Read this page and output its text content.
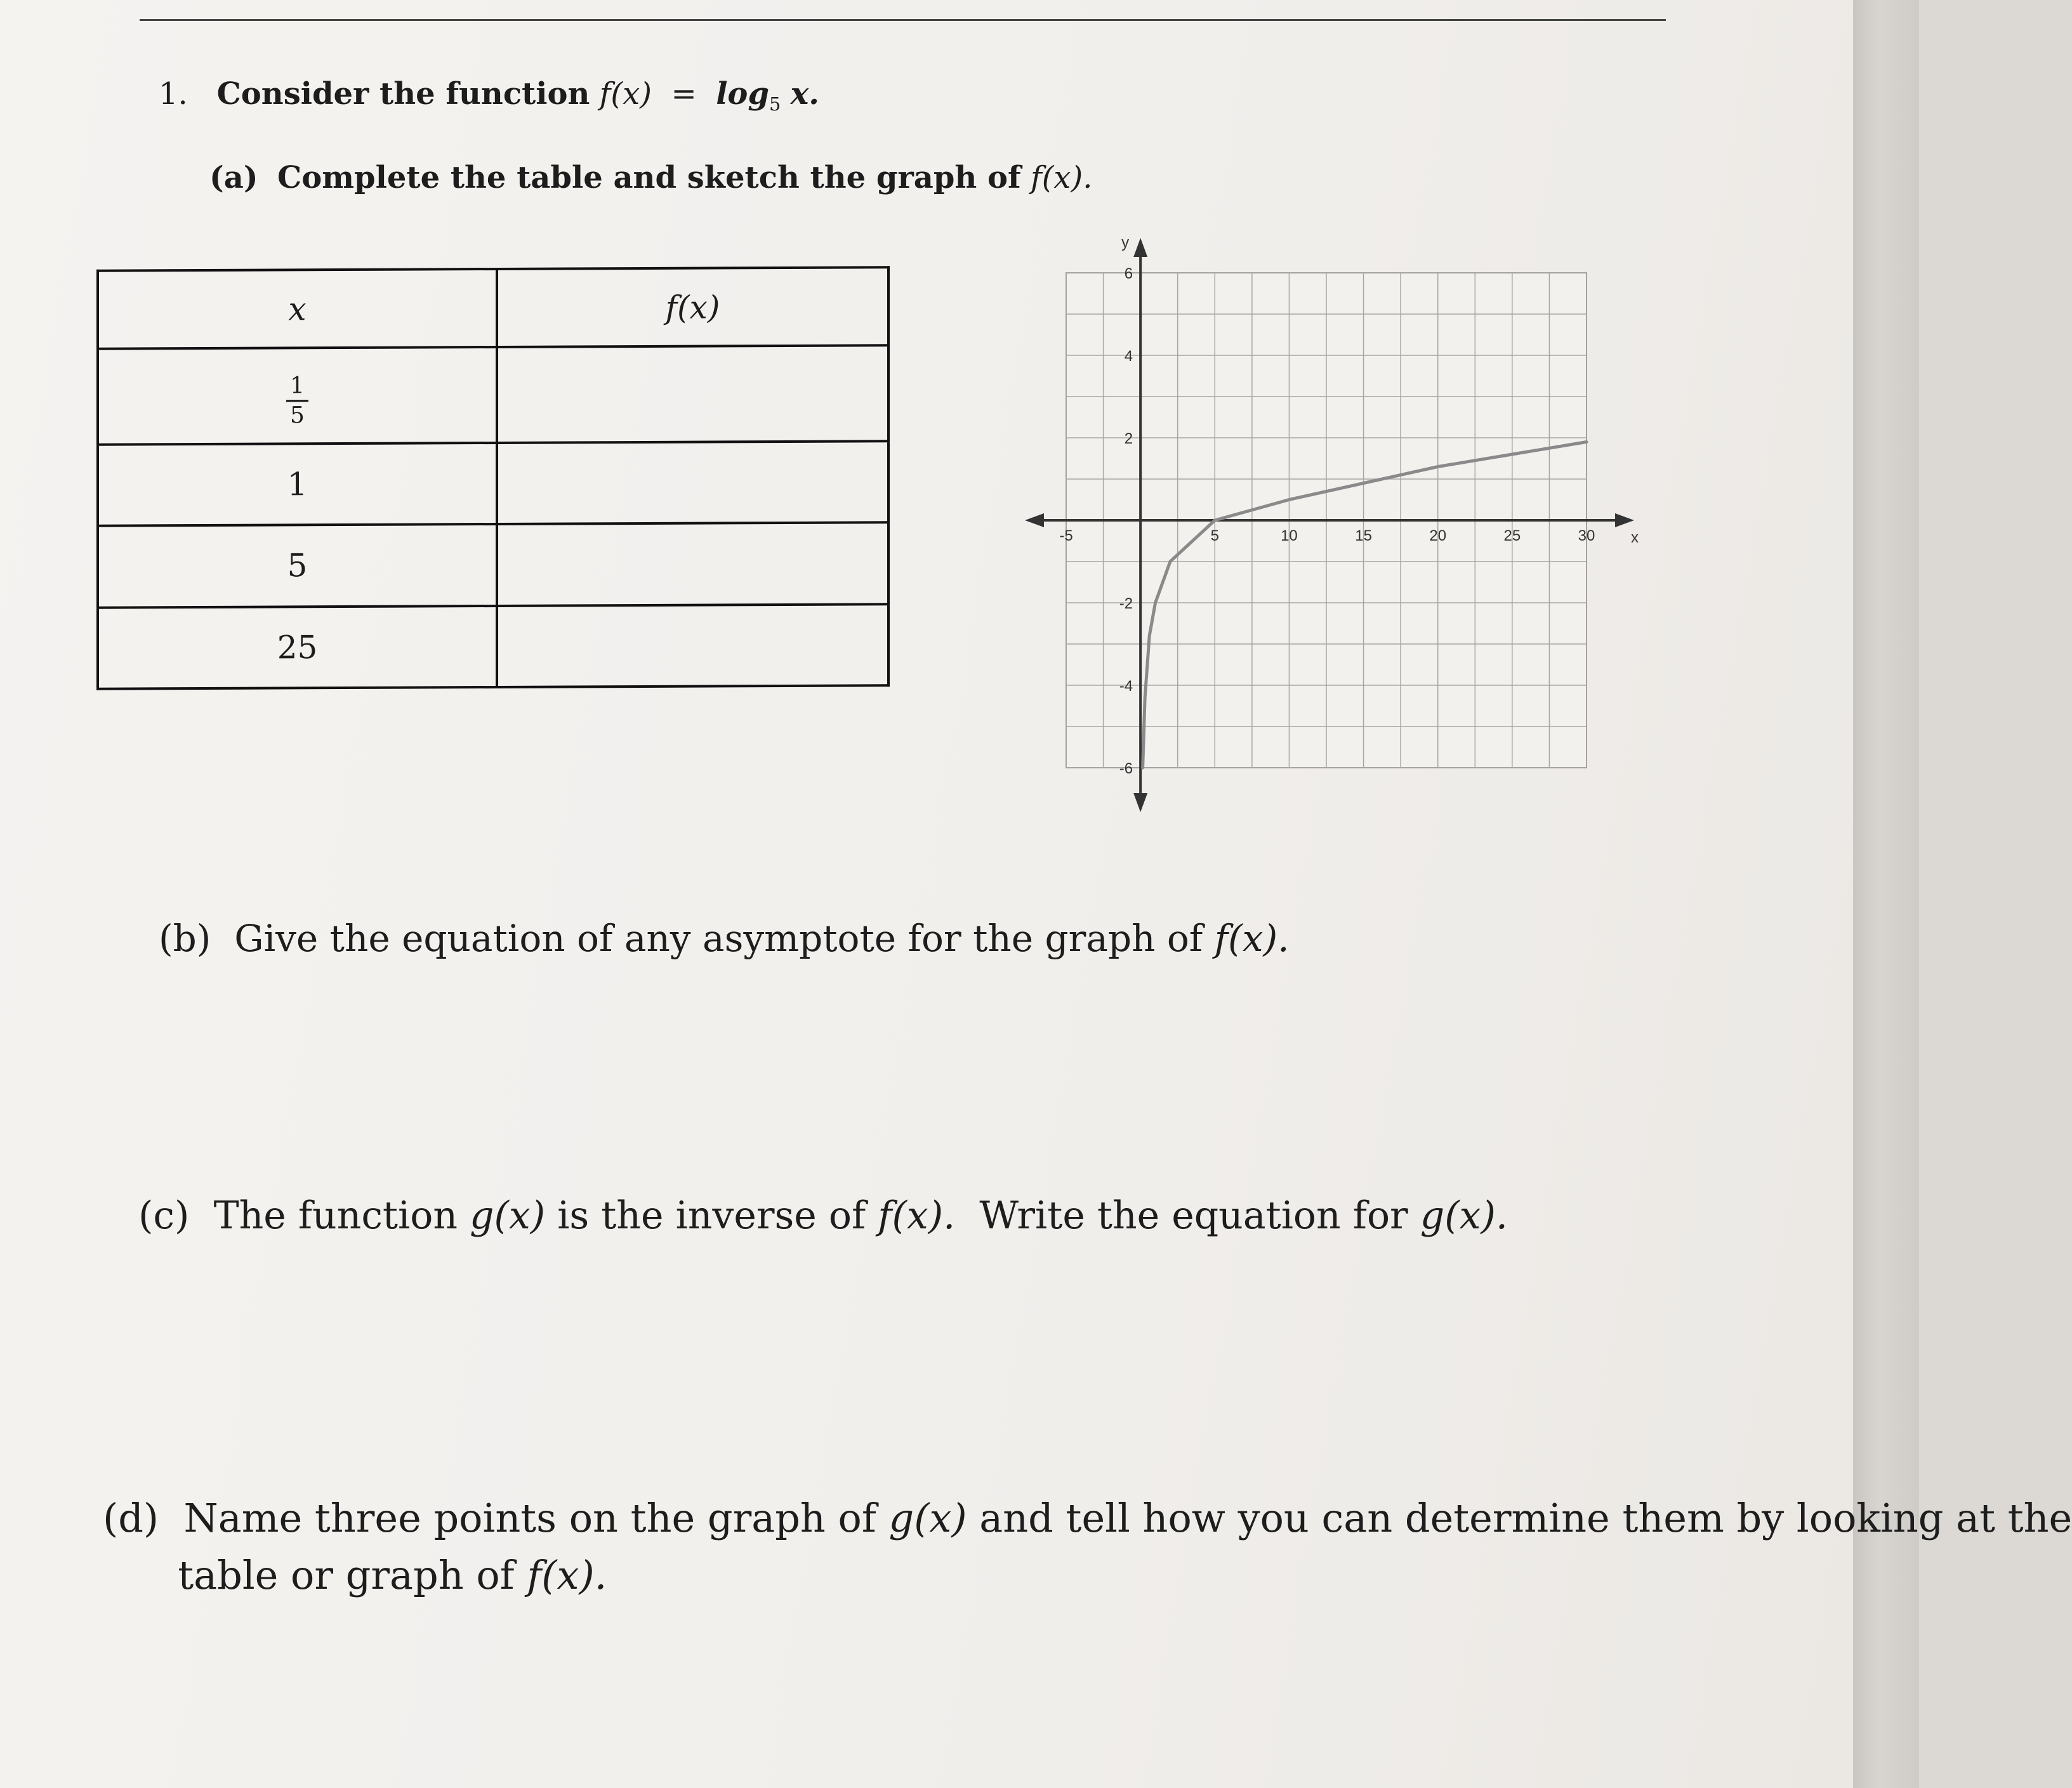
1. Consider the function $f(x) = \log_5 x$.
(a) Complete the table and sketch the graph of f(x).
x	f(x)

$\frac{1}{5}$

1	
5	
25	
-5	5	10	15	20	25	30
6
4
2
-2
-4
-6
x
y
(b) Give the equation of any asymptote for the graph of f(x).
(c) The function g(x) is the inverse of f(x). Write the equation for g(x).
(d) Name three points on the graph of g(x) and tell how you can determine them by looking at the
table or graph of f(x).
